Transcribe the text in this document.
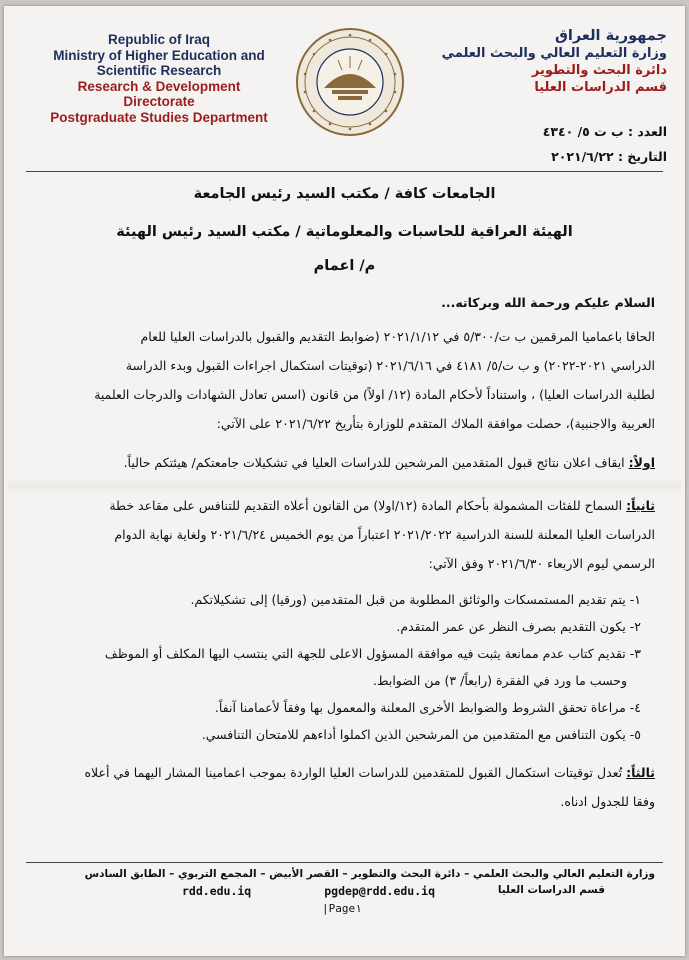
Republic of Iraq
Ministry of Higher Education and
Scientific Research
Research & Development
Directorate
Postgraduate Studies Department
جمهورية العراق
وزارة التعليم العالي والبحث العلمي
دائرة البحث والتطوير
قسم الدراسات العليا
العدد : ب ت ٥/ ٤٣٤٠
التاريخ : ٢٠٢١/٦/٢٢
الجامعات كافة / مكتب السيد رئيس الجامعة
الهيئة العراقية للحاسبات والمعلوماتية / مكتب السيد رئيس الهيئة
م/ اعمام
السلام عليكم ورحمة الله وبركاته...
الحاقا باعماميا المرقمين ب ت/٥/٣٠٠ في ٢٠٢١/١/١٢ (ضوابط التقديم والقبول بالدراسات العليا للعام
الدراسي ٢٠٢١-٢٠٢٢) و ب ت/٥/ ٤١٨١ في ٢٠٢١/٦/١٦ (توقيتات استكمال اجراءات القبول وبدء الدراسة
لطلبة الدراسات العليا) ، واستناداً لأحكام المادة (١٢/ اولاً) من قانون (اسس تعادل الشهادات والدرجات العلمية
العربية والاجنبية)، حصلت موافقة الملاك المتقدم للوزارة بتأريخ ٢٠٢١/٦/٢٢ على الآتي:
اولاً: ايقاف اعلان نتائج قبول المتقدمين المرشحين للدراسات العليا في تشكيلات جامعتكم/ هيئتكم حالياً.
ثانياً: السماح للفئات المشمولة بأحكام المادة (١٢/اولا) من القانون أعلاه التقديم للتنافس على مقاعد خطة
الدراسات العليا المعلنة للسنة الدراسية ٢٠٢١/٢٠٢٢ اعتباراً من يوم الخميس ٢٠٢١/٦/٢٤ ولغاية نهاية الدوام
الرسمي ليوم الاربعاء ٢٠٢١/٦/٣٠ وفق الآتي:
١- يتم تقديم المستمسكات والوثائق المطلوبة من قبل المتقدمين (ورقيا) إلى تشكيلاتكم.
٢- يكون التقديم بصرف النظر عن عمر المتقدم.
٣- تقديم كتاب عدم ممانعة يثبت فيه موافقة المسؤول الاعلى للجهة التي ينتسب اليها المكلف أو الموظف
وحسب ما ورد في الفقرة (رابعاً/ ٣) من الضوابط.
٤- مراعاة تحقق الشروط والضوابط الأخرى المعلنة والمعمول بها وفقاً لأعمامنا آنفاً.
٥- يكون التنافس مع المتقدمين من المرشحين الذين اكملوا أداءهم للامتحان التنافسي.
ثالثاً: تُعدل توقيتات استكمال القبول للمتقدمين للدراسات العليا الواردة بموجب اعمامينا المشار اليهما في أعلاه
وفقا للجدول ادناه.
وزارة التعليم العالي والبحث العلمي – دائرة البحث والتطوير – القصر الأبيض – المجمع التربوي – الطابق السادس
rdd.edu.iq	pgdep@rdd.edu.iq	قسم الدراسات العليا
|Page١
